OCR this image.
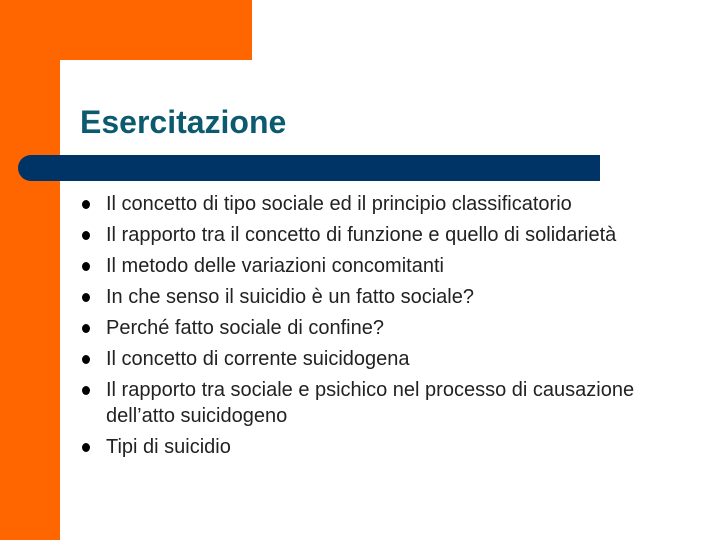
Esercitazione
Il concetto di tipo sociale ed il principio classificatorio
Il rapporto tra il concetto di funzione e quello di solidarietà
Il metodo delle variazioni concomitanti
In che senso il suicidio è un fatto sociale?
Perché fatto sociale di confine?
Il concetto di corrente suicidogena
Il rapporto tra sociale e psichico nel processo di causazione dell’atto suicidogeno
Tipi di suicidio
